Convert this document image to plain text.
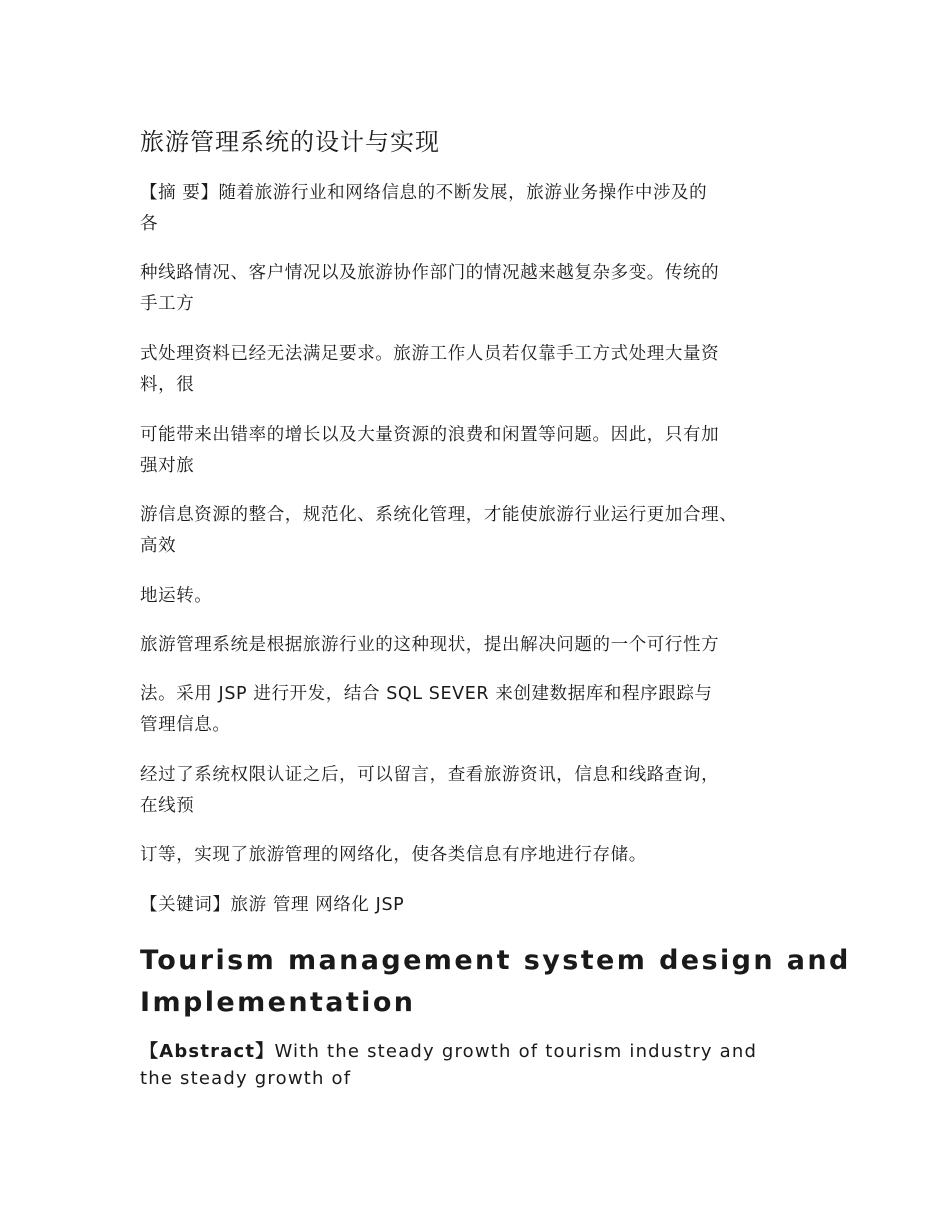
旅游管理系统的设计与实现
【摘 要】随着旅游行业和网络信息的不断发展，旅游业务操作中涉及的
各
种线路情况、客户情况以及旅游协作部门的情况越来越复杂多变。传统的
手工方
式处理资料已经无法满足要求。旅游工作人员若仅靠手工方式处理大量资
料，很
可能带来出错率的增长以及大量资源的浪费和闲置等问题。因此，只有加
强对旅
游信息资源的整合，规范化、系统化管理，才能使旅游行业运行更加合理、
高效
地运转。
旅游管理系统是根据旅游行业的这种现状，提出解决问题的一个可行性方
法。采用 JSP 进行开发，结合 SQL SEVER 来创建数据库和程序跟踪与
管理信息。
经过了系统权限认证之后，可以留言，查看旅游资讯，信息和线路查询，
在线预
订等，实现了旅游管理的网络化，使各类信息有序地进行存储。
【关键词】旅游 管理 网络化 JSP
Tourism management system design and
Implementation
【Abstract】With the steady growth of tourism industry and
the steady growth of
